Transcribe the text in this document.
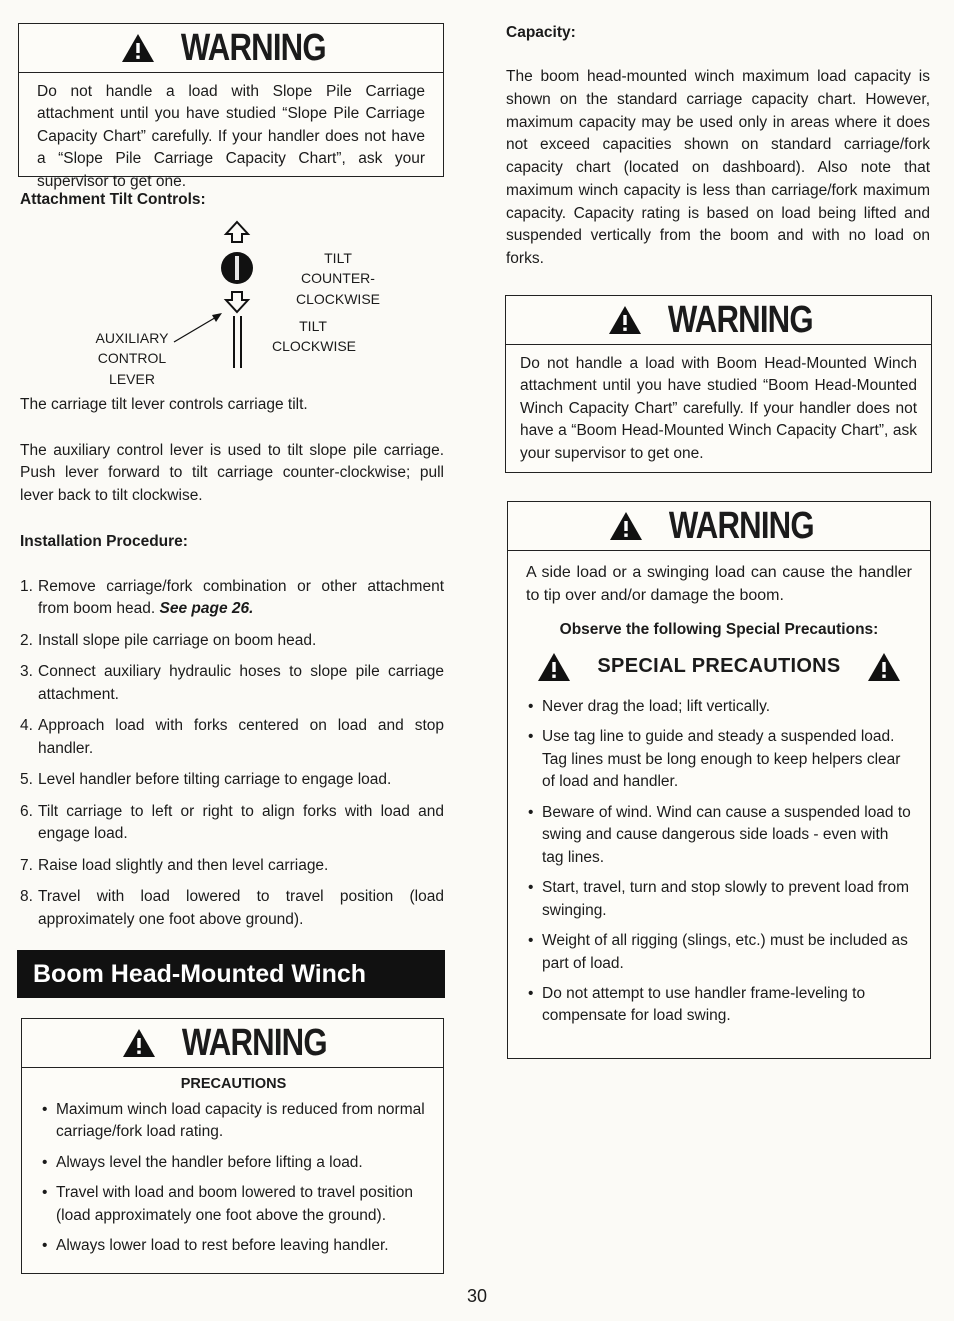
WARNING
Do not handle a load with Slope Pile Carriage attachment until you have studied “Slope Pile Carriage Capacity Chart” carefully. If your handler does not have a “Slope Pile Carriage Capacity Chart”, ask your supervisor to get one.
Attachment Tilt Controls:
TILT
COUNTER-CLOCKWISE
TILT
CLOCKWISE
AUXILIARY
CONTROL LEVER
The carriage tilt lever controls carriage tilt.
The auxiliary control lever is used to tilt slope pile carriage. Push lever forward to tilt carriage counter-clockwise; pull lever back to tilt clockwise.
Installation Procedure:
1. Remove carriage/fork combination or other attachment from boom head. See page 26.
2. Install slope pile carriage on boom head.
3. Connect auxiliary hydraulic hoses to slope pile carriage attachment.
4. Approach load with forks centered on load and stop handler.
5. Level handler before tilting carriage to engage load.
6. Tilt carriage to left or right to align forks with load and engage load.
7. Raise load slightly and then level carriage.
8. Travel with load lowered to travel position (load approximately one foot above ground).
Boom Head-Mounted Winch
WARNING
PRECAUTIONS
• Maximum winch load capacity is reduced from normal carriage/fork load rating.
• Always level the handler before lifting a load.
• Travel with load and boom lowered to travel position (load approximately one foot above the ground).
• Always lower load to rest before leaving handler.
Capacity:
The boom head-mounted winch maximum load capacity is shown on the standard carriage capacity chart. However, maximum capacity may be used only in areas where it does not exceed capacities shown on standard carriage/fork capacity chart (located on dashboard). Also note that maximum winch capacity is less than carriage/fork maximum capacity. Capacity rating is based on load being lifted and suspended vertically from the boom and with no load on forks.
WARNING
Do not handle a load with Boom Head-Mounted Winch attachment until you have studied “Boom Head-Mounted Winch Capacity Chart” carefully. If your handler does not have a “Boom Head-Mounted Winch Capacity Chart”, ask your supervisor to get one.
WARNING
A side load or a swinging load can cause the handler to tip over and/or damage the boom.
Observe the following Special Precautions:
SPECIAL PRECAUTIONS
• Never drag the load; lift vertically.
• Use tag line to guide and steady a suspended load. Tag lines must be long enough to keep helpers clear of load and handler.
• Beware of wind. Wind can cause a suspended load to swing and cause dangerous side loads - even with tag lines.
• Start, travel, turn and stop slowly to prevent load from swinging.
• Weight of all rigging (slings, etc.) must be included as part of load.
• Do not attempt to use handler frame-leveling to compensate for load swing.
30
